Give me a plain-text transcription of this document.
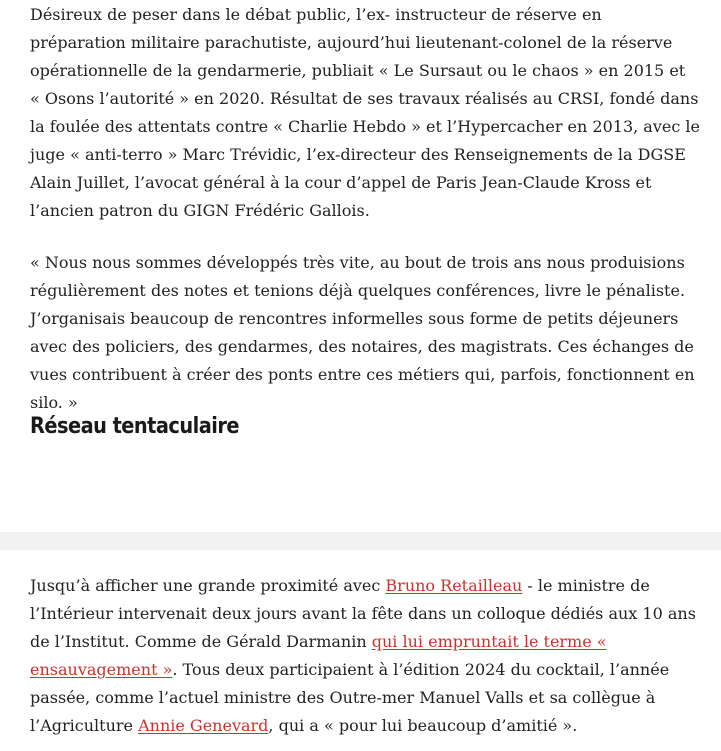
Désireux de peser dans le débat public, l’ex- instructeur de réserve en préparation militaire parachutiste, aujourd’hui lieutenant-colonel de la réserve opérationnelle de la gendarmerie, publiait « Le Sursaut ou le chaos » en 2015 et « Osons l’autorité » en 2020. Résultat de ses travaux réalisés au CRSI, fondé dans la foulée des attentats contre « Charlie Hebdo » et l’Hypercacher en 2013, avec le juge « anti-terro » Marc Trévidic, l’ex-directeur des Renseignements de la DGSE Alain Juillet, l’avocat général à la cour d’appel de Paris Jean-Claude Kross et l’ancien patron du GIGN Frédéric Gallois.

« Nous nous sommes développés très vite, au bout de trois ans nous produisions régulièrement des notes et tenions déjà quelques conférences, livre le pénaliste. J’organisais beaucoup de rencontres informelles sous forme de petits déjeuners avec des policiers, des gendarmes, des notaires, des magistrats. Ces échanges de vues contribuent à créer des ponts entre ces métiers qui, parfois, fonctionnent en silo. »

Réseau tentaculaire

Jusqu’à afficher une grande proximité avec Bruno Retailleau - le ministre de l’Intérieur intervenait deux jours avant la fête dans un colloque dédiés aux 10 ans de l’Institut. Comme de Gérald Darmanin qui lui empruntait le terme « ensauvagement ». Tous deux participaient à l’édition 2024 du cocktail, l’année passée, comme l’actuel ministre des Outre-mer Manuel Valls et sa collègue à l’Agriculture Annie Genevard, qui a « pour lui beaucoup d’amitié ».
